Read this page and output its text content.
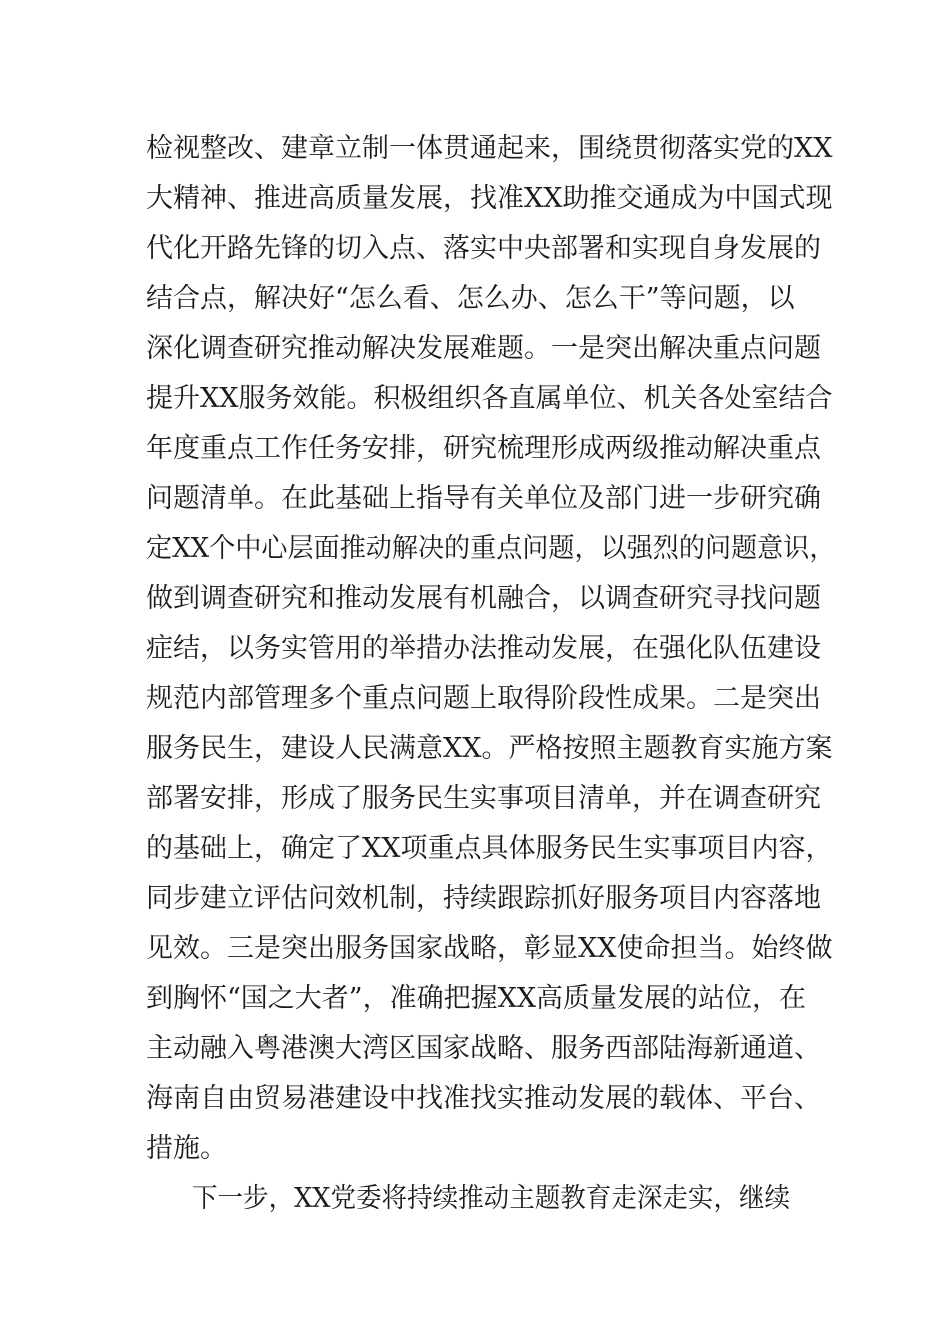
检视整改、建章立制一体贯通起来，围绕贯彻落实党的XX
大精神、推进高质量发展，找准XX助推交通成为中国式现
代化开路先锋的切入点、落实中央部署和实现自身发展的
结合点，解决好“怎么看、怎么办、怎么干”等问题，以
深化调查研究推动解决发展难题。一是突出解决重点问题
提升XX服务效能。积极组织各直属单位、机关各处室结合
年度重点工作任务安排，研究梳理形成两级推动解决重点
问题清单。在此基础上指导有关单位及部门进一步研究确
定XX个中心层面推动解决的重点问题，以强烈的问题意识，
做到调查研究和推动发展有机融合，以调查研究寻找问题
症结，以务实管用的举措办法推动发展，在强化队伍建设
规范内部管理多个重点问题上取得阶段性成果。二是突出
服务民生，建设人民满意XX。严格按照主题教育实施方案
部署安排，形成了服务民生实事项目清单，并在调查研究
的基础上，确定了XX项重点具体服务民生实事项目内容，
同步建立评估问效机制，持续跟踪抓好服务项目内容落地
见效。三是突出服务国家战略，彰显XX使命担当。始终做
到胸怀“国之大者”，准确把握XX高质量发展的站位，在
主动融入粤港澳大湾区国家战略、服务西部陆海新通道、
海南自由贸易港建设中找准找实推动发展的载体、平台、
措施。
下一步，XX党委将持续推动主题教育走深走实，继续
